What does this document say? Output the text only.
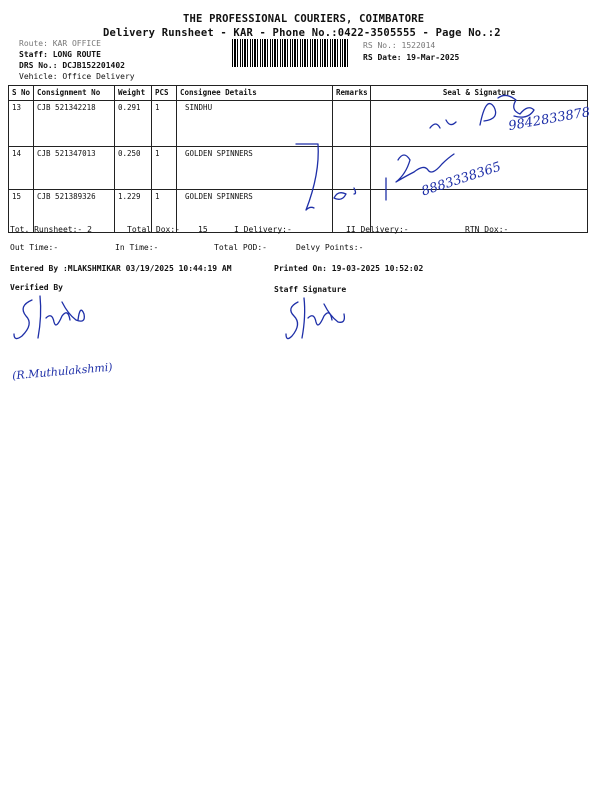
THE PROFESSIONAL COURIERS, COIMBATORE
Delivery Runsheet - KAR - Phone No.:0422-3505555 - Page No.:2
Route: KAR OFFICE
Staff: LONG ROUTE
DRS No.: DCJB152201402
Vehicle: Office Delivery
RS No.: 1522014
RS Date: 19-Mar-2025
S No	Consignment No	Weight	PCS	Consignee Details	Remarks	Seal & Signature
13	CJB 521342218	0.291	1	SINDHU		
14	CJB 521347013	0.250	1	GOLDEN SPINNERS		
15	CJB 521389326	1.229	1	GOLDEN SPINNERS		
Tot. Runsheet:- 2	Total Dox:- 15	I Delivery:-	II Delivery:-	RTN Dox:-
Out Time:-	In Time:-	Total POD:-	Delvy Points:-
Entered By :MLAKSHMIKAR 03/19/2025 10:44:19 AM	Printed On: 19-03-2025 10:52:02
Verified By	Staff Signature
9842833878
8883338365
(R.Muthulakshmi)
